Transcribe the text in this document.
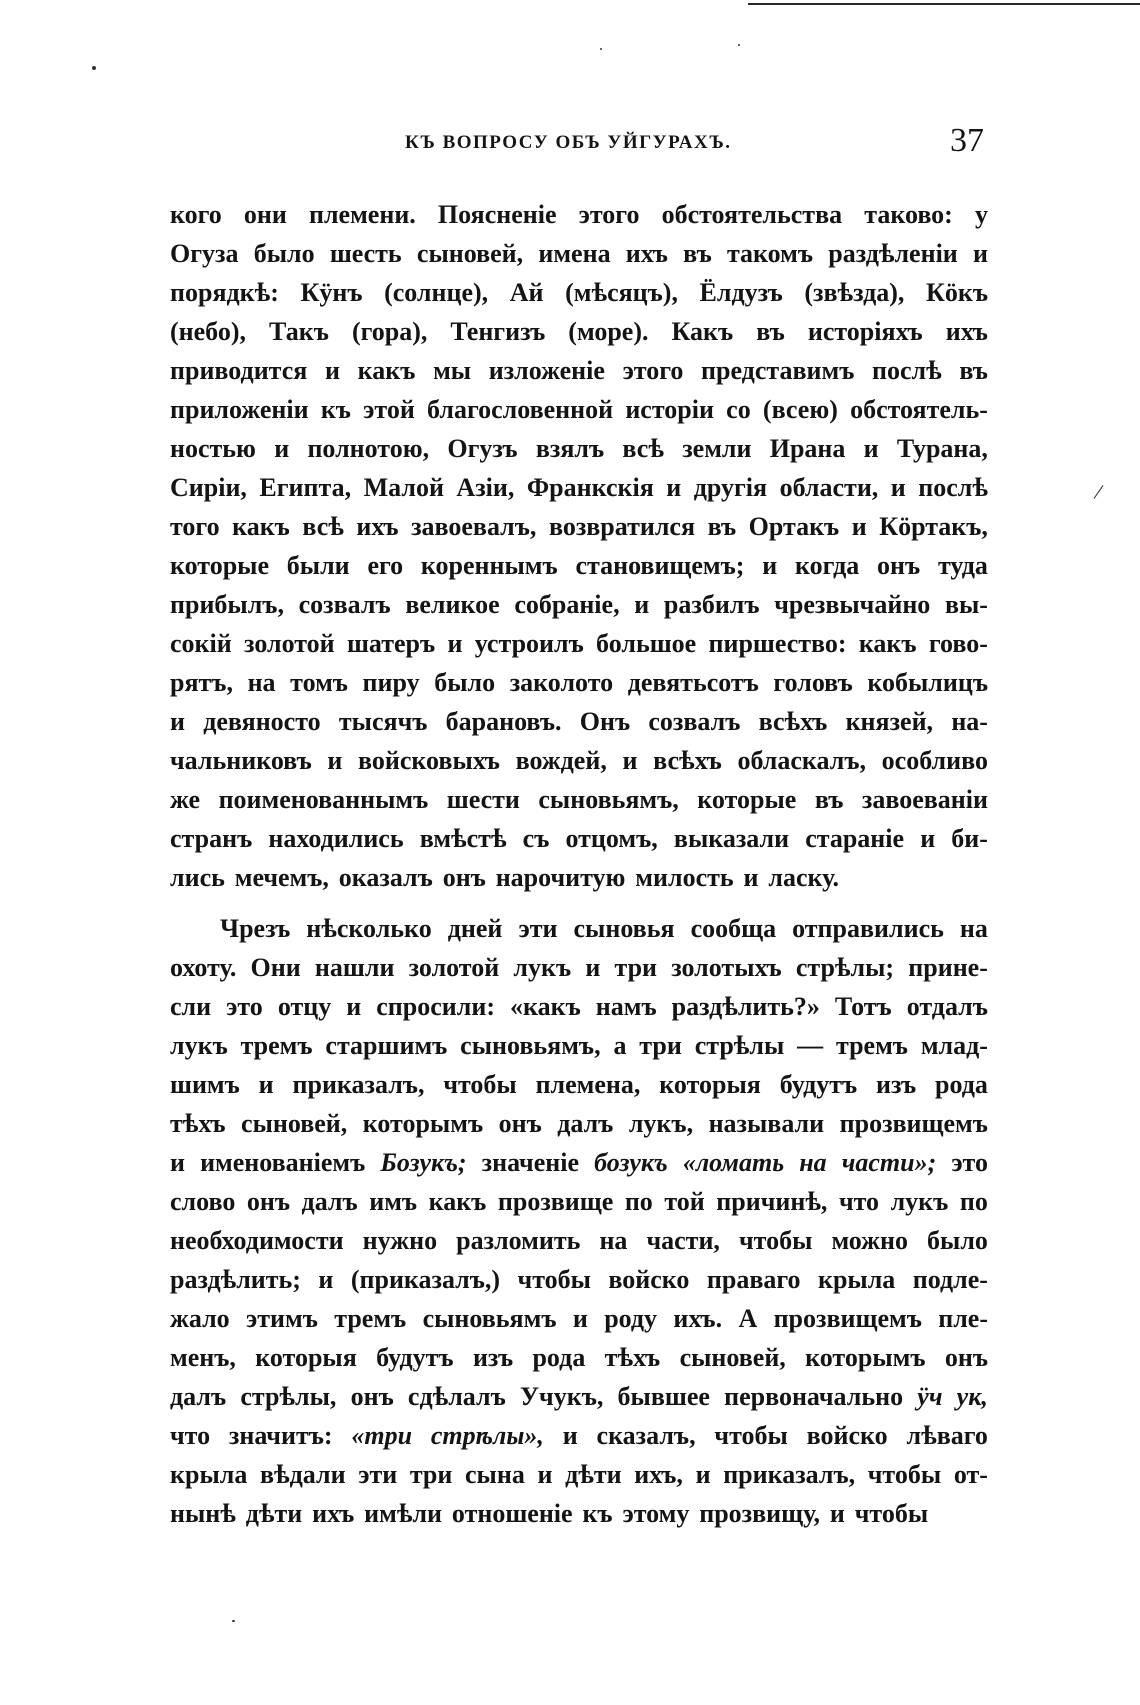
КЪ ВОПРОСУ ОБЪ УЙГУРАХЪ.	37
кого они племени. Поясненіе этого обстоятельства таково: у
Огуза было шесть сыновей, имена ихъ въ такомъ раздѣленіи и
порядкѣ: Кӱнъ (солнце), Ай (мѣсяцъ), Ёлдузъ (звѣзда), Кӧкъ
(небо), Такъ (гора), Тенгизъ (море). Какъ въ исторіяхъ ихъ
приводится и какъ мы изложеніе этого представимъ послѣ въ
приложеніи къ этой благословенной исторіи со (всею) обстоятель-
ностью и полнотою, Огузъ взялъ всѣ земли Ирана и Турана,
Сиріи, Египта, Малой Азіи, Франкскія и другія области, и послѣ
того какъ всѣ ихъ завоевалъ, возвратился въ Ортакъ и Кӧртакъ,
которые были его кореннымъ становищемъ; и когда онъ туда
прибылъ, созвалъ великое собраніе, и разбилъ чрезвычайно вы-
сокій золотой шатеръ и устроилъ большое пиршество: какъ гово-
рятъ, на томъ пиру было заколото девятьсотъ головъ кобылицъ
и девяносто тысячъ барановъ. Онъ созвалъ всѣхъ князей, на-
чальниковъ и войсковыхъ вождей, и всѣхъ обласкалъ, особливо
же поименованнымъ шести сыновьямъ, которые въ завоеваніи
странъ находились вмѣстѣ съ отцомъ, выказали стараніе и би-
лись мечемъ, оказалъ онъ нарочитую милость и ласку.
Чрезъ нѣсколько дней эти сыновья сообща отправились на
охоту. Они нашли золотой лукъ и три золотыхъ стрѣлы; прине-
сли это отцу и спросили: «какъ намъ раздѣлить?» Тотъ отдалъ
лукъ тремъ старшимъ сыновьямъ, а три стрѣлы — тремъ млад-
шимъ и приказалъ, чтобы племена, которыя будутъ изъ рода
тѣхъ сыновей, которымъ онъ далъ лукъ, называли прозвищемъ
и именованіемъ Бозукъ; значеніе бозукъ «ломать на части»; это
слово онъ далъ имъ какъ прозвище по той причинѣ, что лукъ по
необходимости нужно разломить на части, чтобы можно было
раздѣлить; и (приказалъ,) чтобы войско праваго крыла подле-
жало этимъ тремъ сыновьямъ и роду ихъ. А прозвищемъ пле-
менъ, которыя будутъ изъ рода тѣхъ сыновей, которымъ онъ
далъ стрѣлы, онъ сдѣлалъ Учукъ, бывшее первоначально ӱч ук,
что значитъ: «три стрѣлы», и сказалъ, чтобы войско лѣваго
крыла вѣдали эти три сына и дѣти ихъ, и приказалъ, чтобы от-
нынѣ дѣти ихъ имѣли отношеніе къ этому прозвищу, и чтобы
